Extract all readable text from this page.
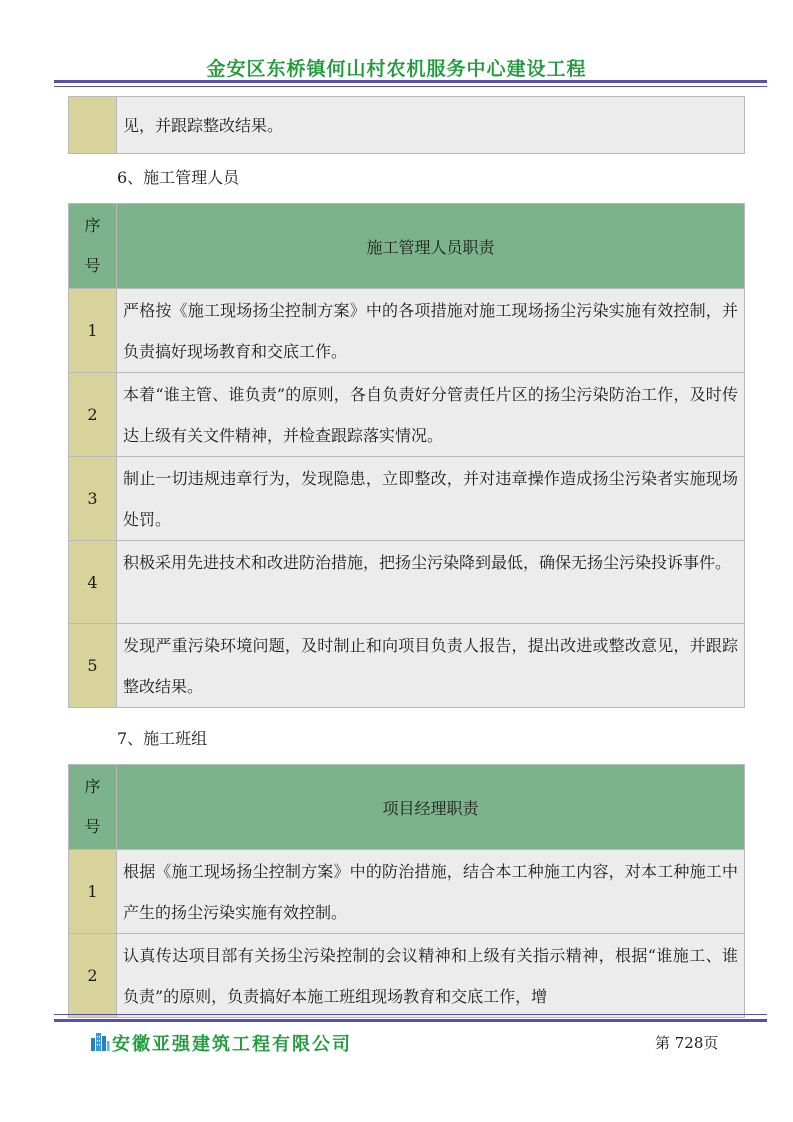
金安区东桥镇何山村农机服务中心建设工程
	见，并跟踪整改结果。
6、施工管理人员
序
号	施工管理人员职责
1	严格按《施工现场扬尘控制方案》中的各项措施对施工现场扬尘污染实施有效控制，并负责搞好现场教育和交底工作。
2	本着“谁主管、谁负责”的原则，各自负责好分管责任片区的扬尘污染防治工作，及时传达上级有关文件精神，并检查跟踪落实情况。
3	制止一切违规违章行为，发现隐患，立即整改，并对违章操作造成扬尘污染者实施现场处罚。
4	积极采用先进技术和改进防治措施，把扬尘污染降到最低，确保无扬尘污染投诉事件。
5	发现严重污染环境问题，及时制止和向项目负责人报告，提出改进或整改意见，并跟踪整改结果。
7、施工班组
序
号	项目经理职责
1	根据《施工现场扬尘控制方案》中的防治措施，结合本工种施工内容，对本工种施工中产生的扬尘污染实施有效控制。
2	认真传达项目部有关扬尘污染控制的会议精神和上级有关指示精神，根据“谁施工、谁负责”的原则，负责搞好本施工班组现场教育和交底工作，增
安徽亚强建筑工程有限公司	第 728页
